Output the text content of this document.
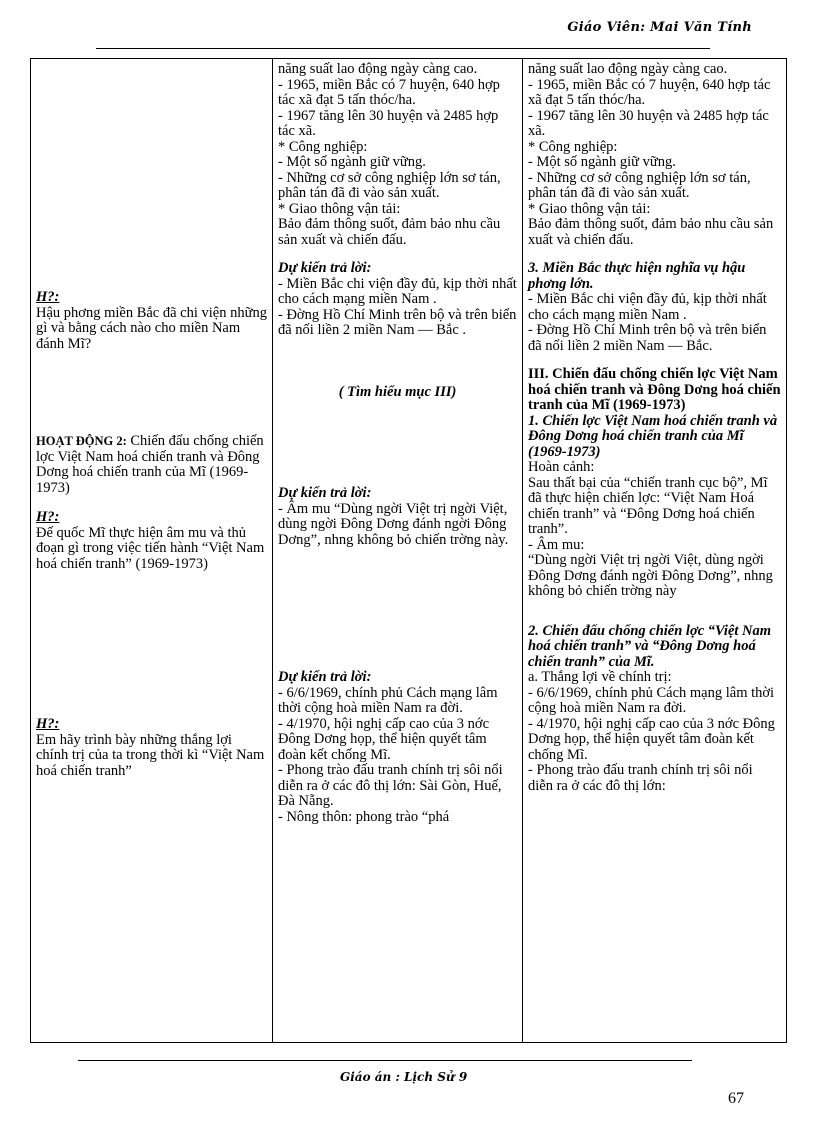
Giáo Viên: Mai Văn Tính
H?:
Hậu phơng miền Bắc đã chi viện những gì và bằng cách nào cho miền Nam đánh Mĩ?
HOẠT ĐỘNG 2: Chiến đấu chống chiến lợc Việt Nam hoá chiến tranh và Đông Dơng hoá chiến tranh của Mĩ (1969-1973)
H?:
Đế quốc Mĩ thực hiện âm mu và thủ đoạn gì trong việc tiến hành “Việt Nam hoá chiến tranh” (1969-1973)
H?:
Em hãy trình bày những thắng lợi chính trị của ta trong thời kì “Việt Nam hoá chiến tranh”

năng suất lao động ngày càng cao.
- 1965, miền Bắc có 7 huyện, 640 hợp tác xã đạt 5 tấn thóc/ha.
- 1967 tăng lên 30 huyện và 2485 hợp tác xã.
* Công nghiệp:
- Một số ngành giữ vững.
- Những cơ sở công nghiệp lớn sơ tán, phân tán đã đi vào sản xuất.
* Giao thông vận tải:
Bảo đảm thông suốt, đảm bảo nhu cầu sản xuất và chiến đấu.
Dự kiến trả lời:
- Miền Bắc chi viện đầy đủ, kịp thời nhất cho cách mạng miền Nam .
- Đờng Hồ Chí Minh trên bộ và trên biển đã nối liền 2 miền Nam — Bắc .
( Tìm hiểu mục III)
Dự kiến trả lời:
- Âm mu “Dùng ngời Việt trị ngời Việt, dùng ngời Đông Dơng đánh ngời Đông Dơng”, nhng không bỏ chiến trờng này.
Dự kiến trả lời:
- 6/6/1969, chính phủ Cách mạng lâm thời cộng hoà miền Nam ra đời.
- 4/1970, hội nghị cấp cao của 3 nớc Đông Dơng họp, thể hiện quyết tâm đoàn kết chống Mĩ.
- Phong trào đấu tranh chính trị sôi nổi diễn ra ở các đô thị lớn: Sài Gòn, Huế, Đà Nẵng.
- Nông thôn: phong trào “phá

năng suất lao động ngày càng cao.
- 1965, miền Bắc có 7 huyện, 640 hợp tác xã đạt 5 tấn thóc/ha.
- 1967 tăng lên 30 huyện và 2485 hợp tác xã.
* Công nghiệp:
- Một số ngành giữ vững.
- Những cơ sở công nghiệp lớn sơ tán, phân tán đã đi vào sản xuất.
* Giao thông vận tải:
Bảo đảm thông suốt, đảm bảo nhu cầu sản xuất và chiến đấu.
3. Miền Bắc thực hiện nghĩa vụ hậu phơng lớn.
- Miền Bắc chi viện đầy đủ, kịp thời nhất cho cách mạng miền Nam .
- Đờng Hồ Chí Minh trên bộ và trên biển đã nối liền 2 miền Nam — Bắc.
III. Chiến đấu chống chiến lợc Việt Nam hoá chiến tranh và Đông Dơng hoá chiến tranh của Mĩ (1969-1973)
1. Chiến lợc Việt Nam hoá chiến tranh và Đông Dơng hoá chiến tranh của Mĩ (1969-1973)
Hoàn cảnh:
Sau thất bại của “chiến tranh cục bộ”, Mĩ đã thực hiện chiến lợc: “Việt Nam Hoá chiến tranh” và “Đông Dơng hoá chiến tranh”.
- Âm mu:
“Dùng ngời Việt trị ngời Việt, dùng ngời Đông Dơng đánh ngời Đông Dơng”, nhng không bỏ chiến trờng này
2. Chiến đấu chống chiến lợc “Việt Nam hoá chiến tranh” và “Đông Dơng hoá chiến tranh” của Mĩ.
a. Thắng lợi về chính trị:
- 6/6/1969, chính phủ Cách mạng lâm thời cộng hoà miền Nam ra đời.
- 4/1970, hội nghị cấp cao của 3 nớc Đông Dơng họp, thể hiện quyết tâm đoàn kết chống Mĩ.
- Phong trào đấu tranh chính trị sôi nổi diễn ra ở các đô thị lớn:
Giáo án : Lịch Sử 9
67
